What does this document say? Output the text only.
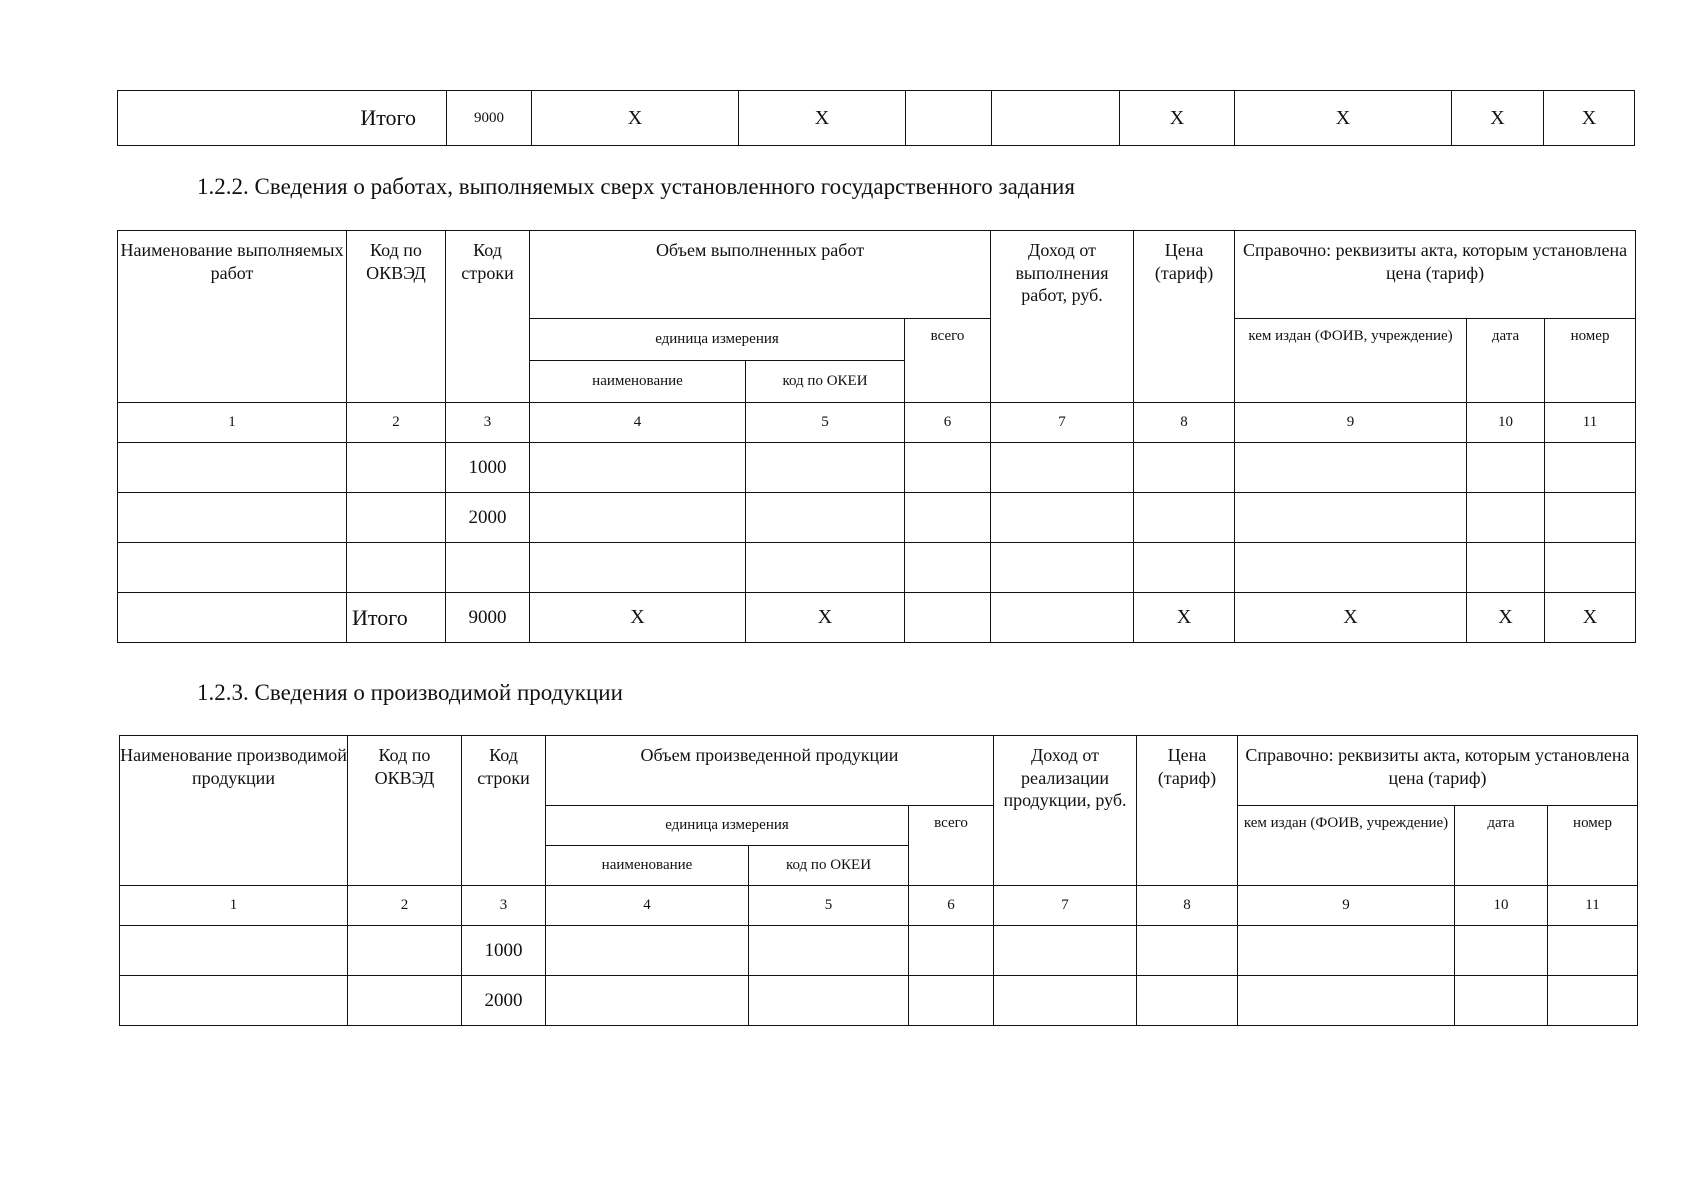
Итого	9000	X	X			X	X	X	X
1.2.2. Сведения о работах, выполняемых сверх установленного государственного задания
Наименование выполняемых работ	Код по ОКВЭД	Код строки	Объем выполненных работ			Доход от выполнения работ, руб.	Цена (тариф)	Справочно: реквизиты акта, которым установлена цена (тариф)		
			единица измерения		всего			кем издан (ФОИВ, учреждение)	дата	номер
			наименование	код по ОКЕИ						
1	2	3	4	5	6	7	8	9	10	11
		1000								
		2000								

	Итого	9000	X	X			X	X	X	X
1.2.3. Сведения о производимой продукции
Наименование производимой продукции	Код по ОКВЭД	Код строки	Объем произведенной продукции			Доход от реализации продукции, руб.	Цена (тариф)	Справочно: реквизиты акта, которым установлена цена (тариф)		
			единица измерения		всего			кем издан (ФОИВ, учреждение)	дата	номер
			наименование	код по ОКЕИ						
1	2	3	4	5	6	7	8	9	10	11
		1000								
		2000								
